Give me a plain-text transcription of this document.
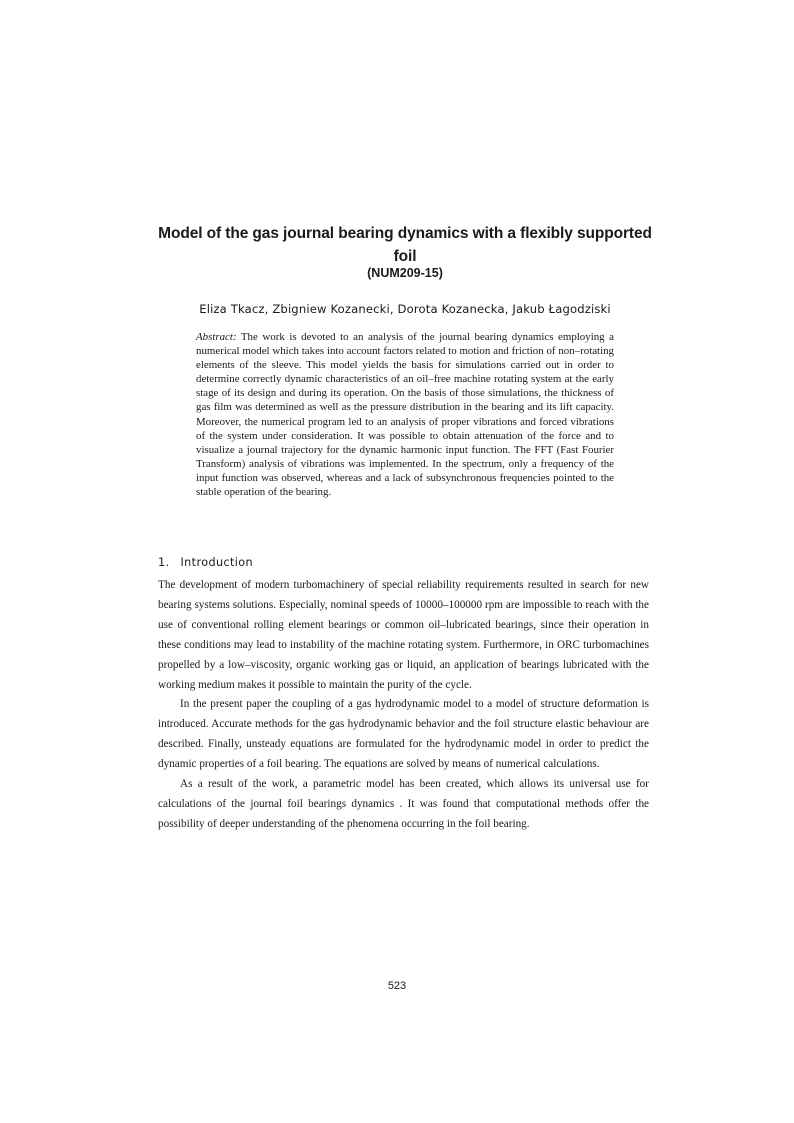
Model of the gas journal bearing dynamics with a flexibly supported foil
(NUM209-15)
Eliza Tkacz, Zbigniew Kozanecki, Dorota Kozanecka, Jakub Łagodziski

Abstract: The work is devoted to an analysis of the journal bearing dynamics employing a numerical model which takes into account factors related to motion and friction of non–rotating elements of the sleeve. This model yields the basis for simulations carried out in order to determine correctly dynamic characteristics of an oil–free machine rotating system at the early stage of its design and during its operation. On the basis of those simulations, the thickness of gas film was determined as well as the pressure distribution in the bearing and its lift capacity. Moreover, the numerical program led to an analysis of proper vibrations and forced vibrations of the system under consideration. It was possible to obtain attenuation of the force and to visualize a journal trajectory for the dynamic harmonic input function. The FFT (Fast Fourier Transform) analysis of vibrations was implemented. In the spectrum, only a frequency of the input function was observed, whereas and a lack of subsynchronous frequencies pointed to the stable operation of the bearing.

1. Introduction

The development of modern turbomachinery of special reliability requirements resulted in search for new bearing systems solutions. Especially, nominal speeds of 10000–100000 rpm are impossible to reach with the use of conventional rolling element bearings or common oil–lubricated bearings, since their operation in these conditions may lead to instability of the machine rotating system. Furthermore, in ORC turbomachines propelled by a low–viscosity, organic working gas or liquid, an application of bearings lubricated with the working medium makes it possible to maintain the purity of the cycle.

In the present paper the coupling of a gas hydrodynamic model to a model of structure deformation is introduced. Accurate methods for the gas hydrodynamic behavior and the foil structure elastic behaviour are described. Finally, unsteady equations are formulated for the hydrodynamic model in order to predict the dynamic properties of a foil bearing. The equations are solved by means of numerical calculations.

As a result of the work, a parametric model has been created, which allows its universal use for calculations of the journal foil bearings dynamics . It was found that computational methods offer the possibility of deeper understanding of the phenomena occurring in the foil bearing.

523
